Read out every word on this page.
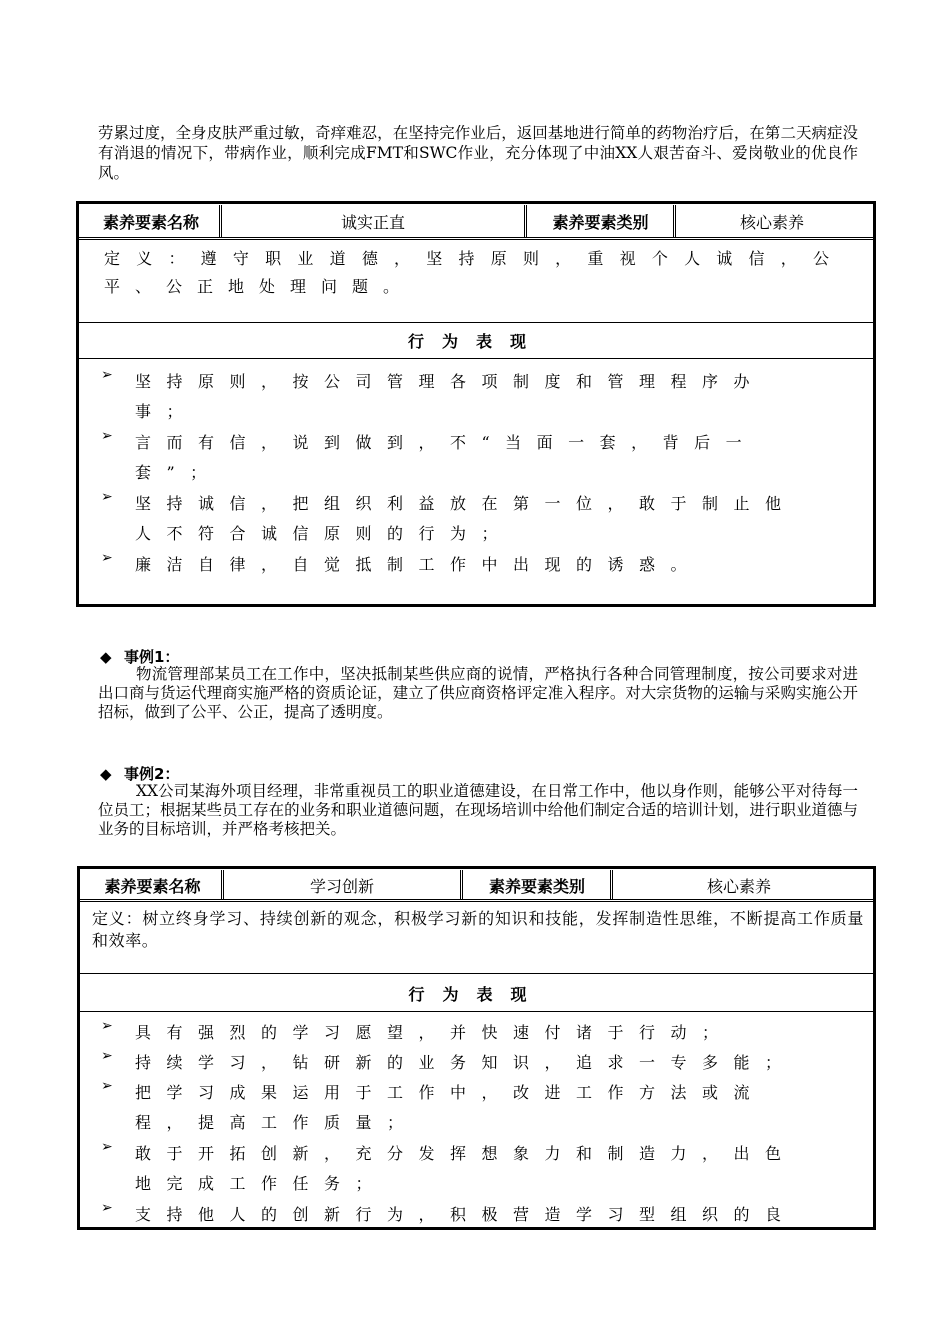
劳累过度，全身皮肤严重过敏，奇痒难忍，在坚持完作业后，返回基地进行简单的药物治疗后，在第二天病症没有消退的情况下，带病作业，顺利完成FMT和SWC作业，充分体现了中油XX人艰苦奋斗、爱岗敬业的优良作风。
素养要素名称	诚实正直	素养要素类别	核心素养
定义：遵守职业道德，坚持原则，重视个人诚信，公平、公正地处理问题。
行为表现
➢	坚持原则，按公司管理各项制度和管理程序办事；
➢	言而有信，说到做到，不“当面一套，背后一套”；
➢	坚持诚信，把组织利益放在第一位，敢于制止他人不符合诚信原则的行为；
➢	廉洁自律，自觉抵制工作中出现的诱惑。
◆ 事例1：
物流管理部某员工在工作中，坚决抵制某些供应商的说情，严格执行各种合同管理制度，按公司要求对进出口商与货运代理商实施严格的资质论证，建立了供应商资格评定准入程序。对大宗货物的运输与采购实施公开招标，做到了公平、公正，提高了透明度。
◆ 事例2：
XX公司某海外项目经理，非常重视员工的职业道德建设，在日常工作中，他以身作则，能够公平对待每一位员工；根据某些员工存在的业务和职业道德问题，在现场培训中给他们制定合适的培训计划，进行职业道德与业务的目标培训，并严格考核把关。
素养要素名称	学习创新	素养要素类别	核心素养
定义：树立终身学习、持续创新的观念，积极学习新的知识和技能，发挥制造性思维，不断提高工作质量和效率。
行为表现
➢	具有强烈的学习愿望，并快速付诸于行动；
➢	持续学习，钻研新的业务知识，追求一专多能；
➢	把学习成果运用于工作中，改进工作方法或流程，提高工作质量；
➢	敢于开拓创新，充分发挥想象力和制造力，出色地完成工作任务；
➢	支持他人的创新行为，积极营造学习型组织的良
